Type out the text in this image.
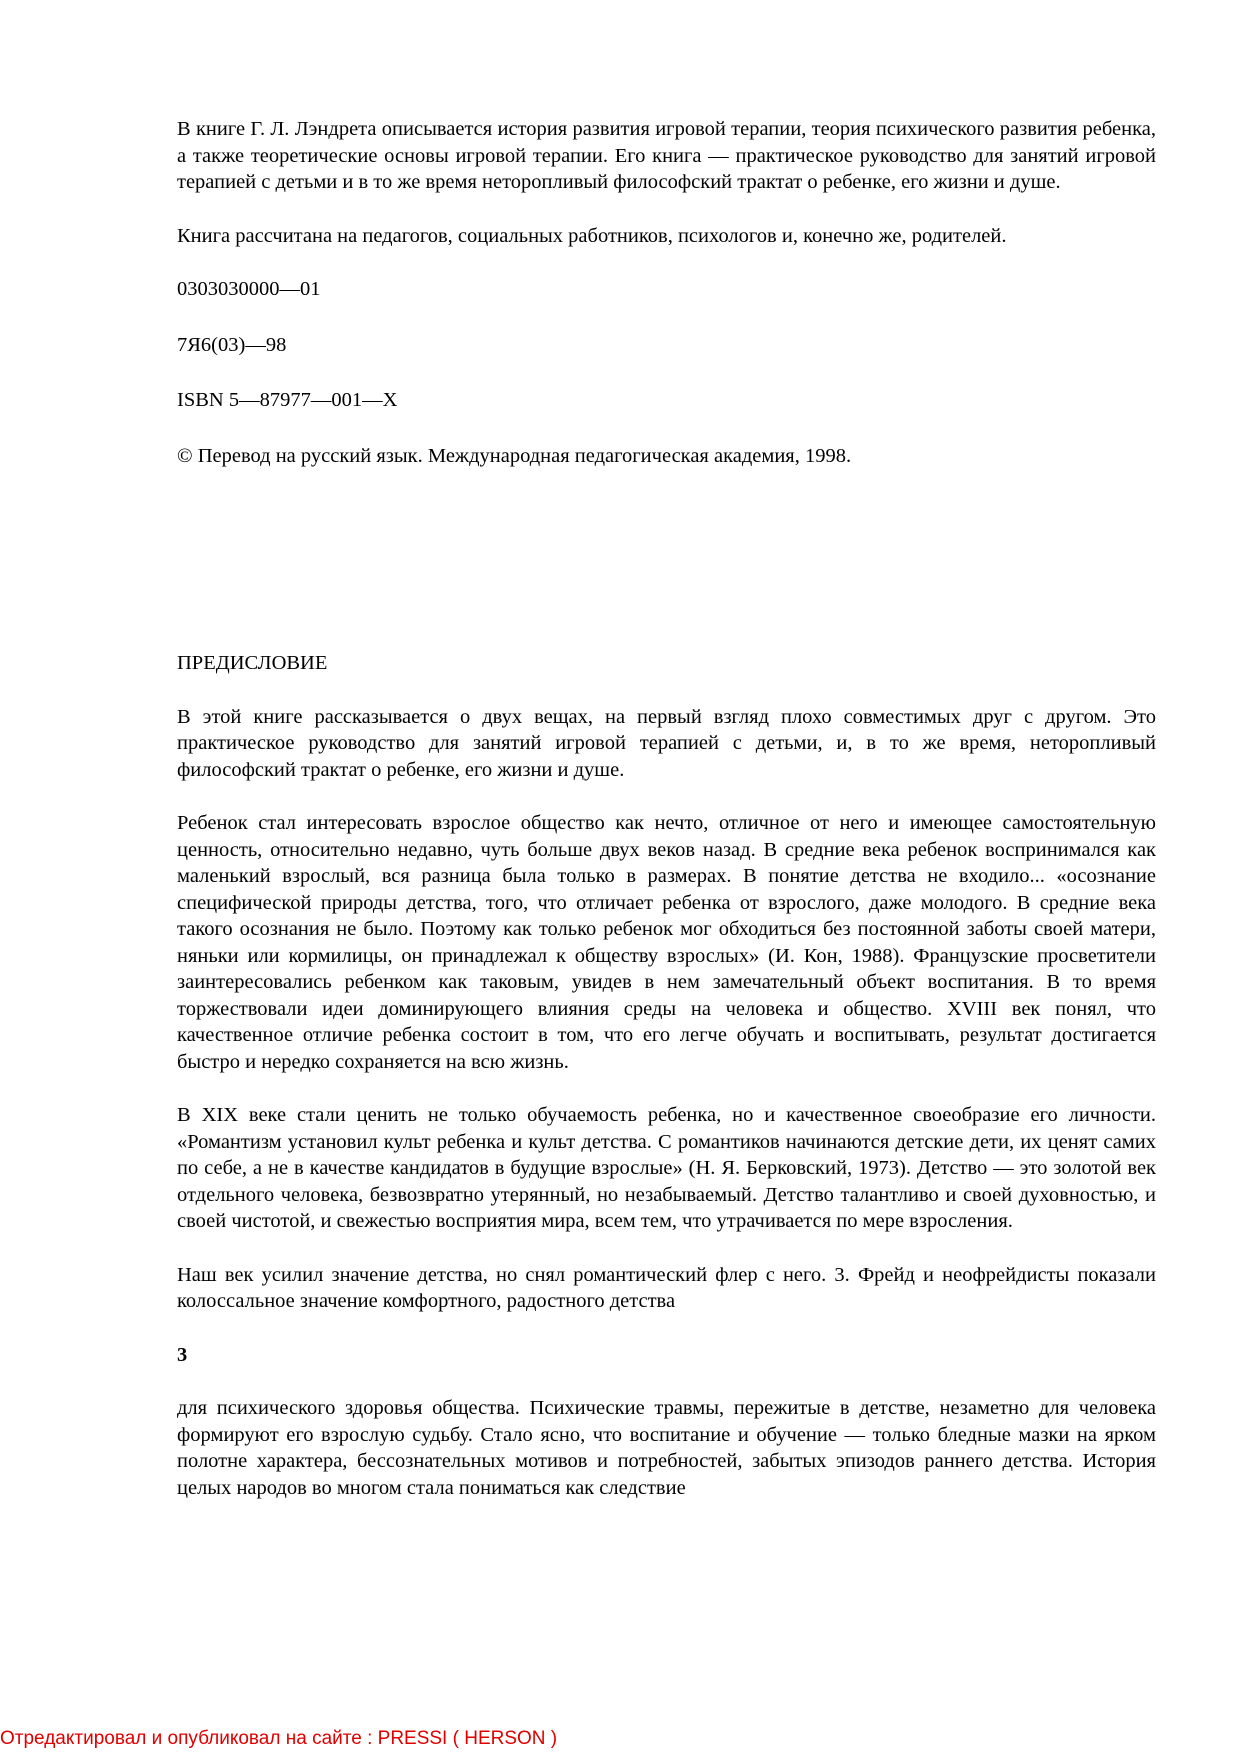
В книге Г. Л. Лэндрета описывается история развития игровой терапии, теория психического развития ребенка, а также теоретические основы игровой терапии. Его книга — практическое руководство для занятий игровой терапией с детьми и в то же время неторопливый философский трактат о ребенке, его жизни и душе.

Книга рассчитана на педагогов, социальных работников, психологов и, конечно же, родителей.

0303030000—01

7Я6(03)—98

ISBN 5—87977—001—X

© Перевод на русский язык. Международная педагогическая академия, 1998.

ПРЕДИСЛОВИЕ

В этой книге рассказывается о двух вещах, на первый взгляд плохо совместимых друг с другом. Это практическое руководство для занятий игровой терапией с детьми, и, в то же время, неторопливый философский трактат о ребенке, его жизни и душе.

Ребенок стал интересовать взрослое общество как нечто, отличное от него и имеющее самостоятельную ценность, относительно недавно, чуть больше двух веков назад. В средние века ребенок воспринимался как маленький взрослый, вся разница была только в размерах. В понятие детства не входило... «осознание специфической природы детства, того, что отличает ребенка от взрослого, даже молодого. В средние века такого осознания не было. Поэтому как только ребенок мог обходиться без постоянной заботы своей матери, няньки или кормилицы, он принадлежал к обществу взрослых» (И. Кон, 1988). Французские просветители заинтересовались ребенком как таковым, увидев в нем замечательный объект воспитания. В то время торжествовали идеи доминирующего влияния среды на человека и общество. XVIII век понял, что качественное отличие ребенка состоит в том, что его легче обучать и воспитывать, результат достигается быстро и нередко сохраняется на всю жизнь.

В XIX веке стали ценить не только обучаемость ребенка, но и качественное своеобразие его личности. «Романтизм установил культ ребенка и культ детства. С романтиков начинаются детские дети, их ценят самих по себе, а не в качестве кандидатов в будущие взрослые» (Н. Я. Берковский, 1973). Детство — это золотой век отдельного человека, безвозвратно утерянный, но незабываемый. Детство талантливо и своей духовностью, и своей чистотой, и свежестью восприятия мира, всем тем, что утрачивается по мере взросления.

Наш век усилил значение детства, но снял романтический флер с него. 3. Фрейд и неофрейдисты показали колоссальное значение комфортного, радостного детства

3

для психического здоровья общества. Психические травмы, пережитые в детстве, незаметно для человека формируют его взрослую судьбу. Стало ясно, что воспитание и обучение — только бледные мазки на ярком полотне характера, бессознательных мотивов и потребностей, забытых эпизодов раннего детства. История целых народов во многом стала пониматься как следствие

Отредактировал и опубликовал на сайте : PRESSI ( HERSON )
